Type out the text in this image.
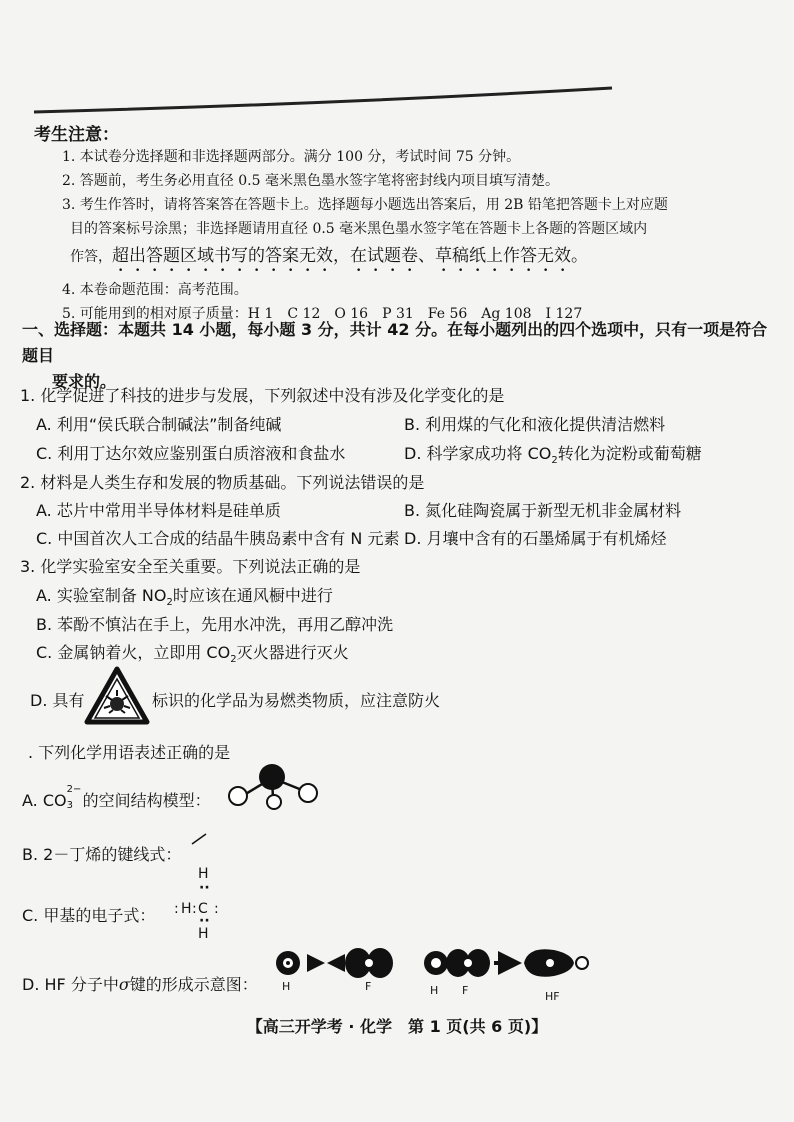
考生注意：
1. 本试卷分选择题和非选择题两部分。满分 100 分，考试时间 75 分钟。
2. 答题前，考生务必用直径 0.5 毫米黑色墨水签字笔将密封线内项目填写清楚。
3. 考生作答时，请将答案答在答题卡上。选择题每小题选出答案后，用 2B 铅笔把答题卡上对应题
目的答案标号涂黑；非选择题请用直径 0.5 毫米黑色墨水签字笔在答题卡上各题的答题区域内
作答，超出答题区域书写的答案无效，在试题卷、草稿纸上作答无效。
4. 本卷命题范围：高考范围。
5. 可能用到的相对原子质量：H 1　C 12　O 16　P 31　Fe 56　Ag 108　I 127
一、选择题：本题共 14 小题，每小题 3 分，共计 42 分。在每小题列出的四个选项中，只有一项是符合题目
要求的。
1. 化学促进了科技的进步与发展，下列叙述中没有涉及化学变化的是
A. 利用“侯氏联合制碱法”制备纯碱	B. 利用煤的气化和液化提供清洁燃料
C. 利用丁达尔效应鉴别蛋白质溶液和食盐水	D. 科学家成功将 $CO_2$转化为淀粉或葡萄糖
2. 材料是人类生存和发展的物质基础。下列说法错误的是
A. 芯片中常用半导体材料是硅单质	B. 氮化硅陶瓷属于新型无机非金属材料
C. 中国首次人工合成的结晶牛胰岛素中含有 N 元素 D. 月壤中含有的石墨烯属于有机烯烃
3. 化学实验室安全至关重要。下列说法正确的是
A. 实验室制备 $NO_2$时应该在通风橱中进行
B. 苯酚不慎沾在手上，先用水冲洗，再用乙醇冲洗
C. 金属钠着火，立即用 $CO_2$灭火器进行灭火
D. 具有	标识的化学品为易燃类物质，应注意防火
. 下列化学用语表述正确的是
A. CO
2−
3 的空间结构模型：
B. 2－丁烯的键线式：
C. 甲基的电子式：
H
··
: H : C :
··
H
D. HF 分子中σ键的形成示意图： H	F	H F	HF
【高三开学考 · 化学　第 1 页(共 6 页)】
